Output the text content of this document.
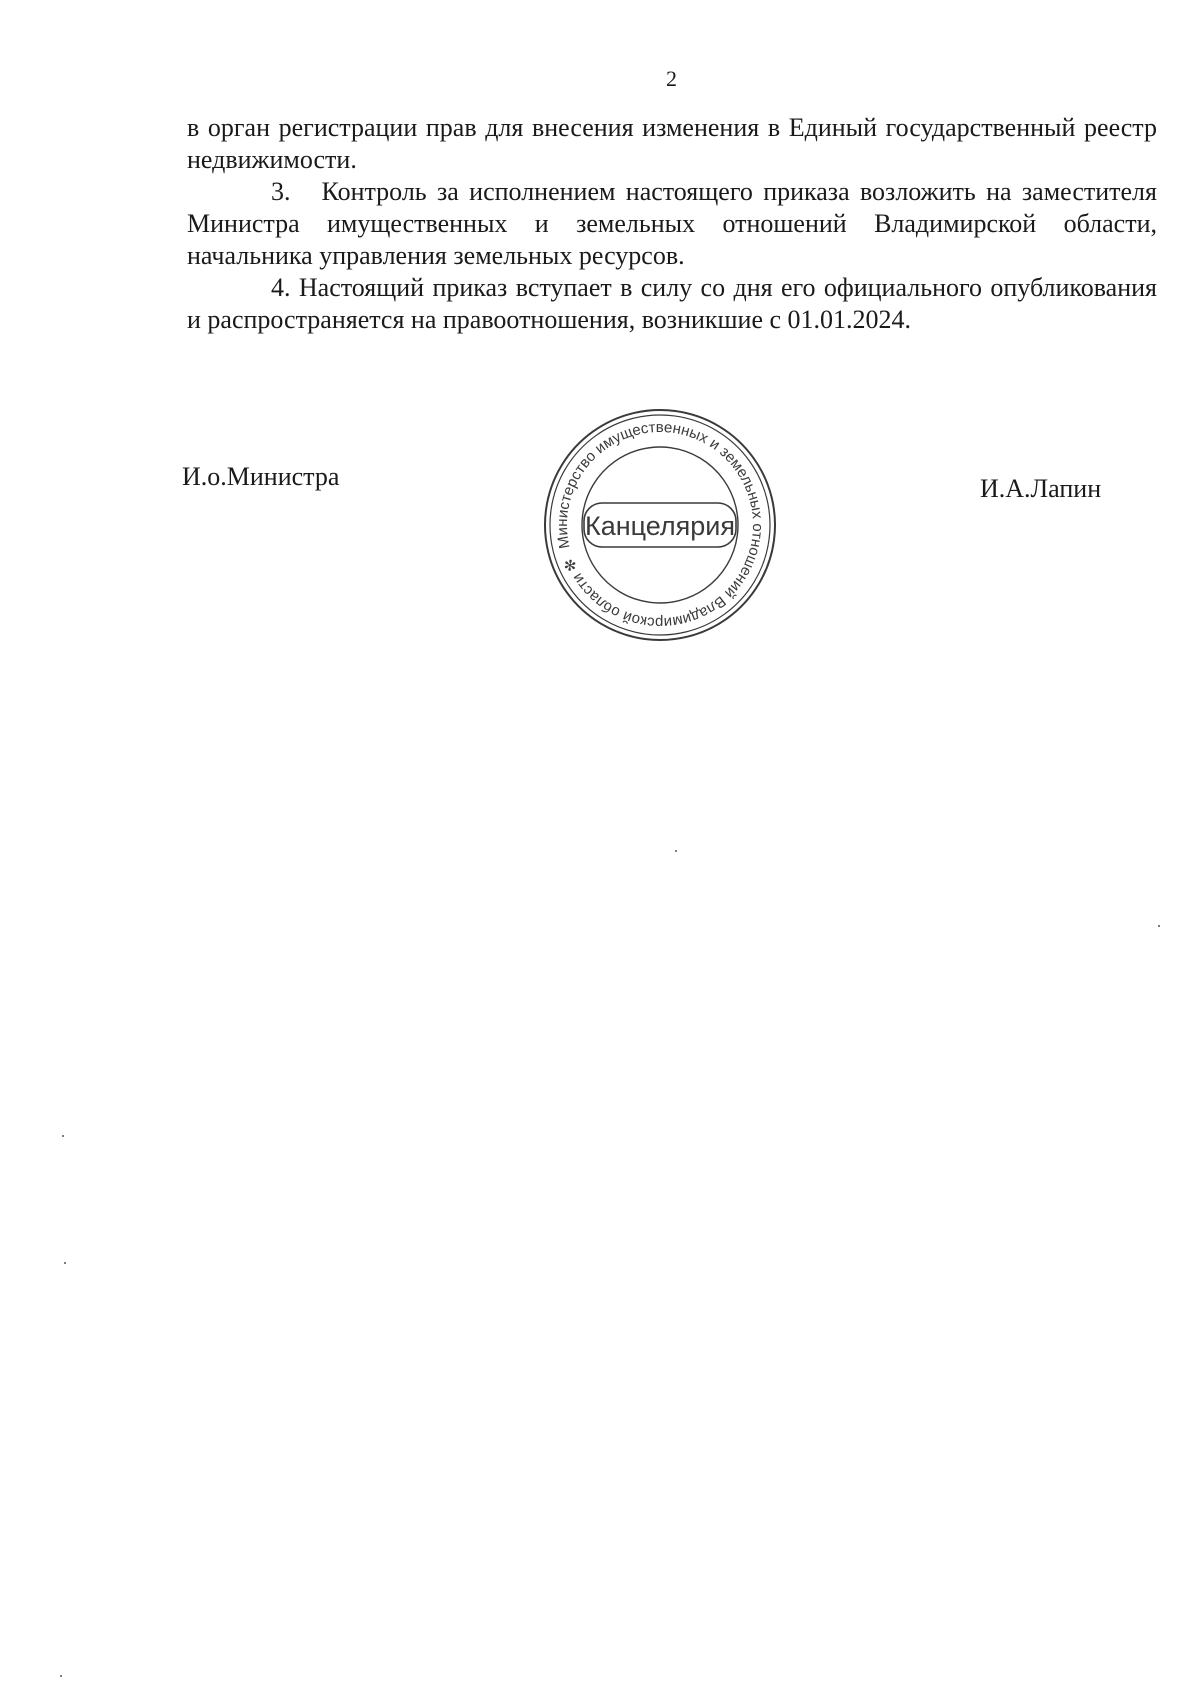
2

в орган регистрации прав для внесения изменения в Единый государственный реестр недвижимости.

3.   Контроль за исполнением настоящего приказа возложить на заместителя Министра имущественных и земельных отношений Владимирской области, начальника управления земельных ресурсов.

4. Настоящий приказ вступает в силу со дня его официального опубликования и распространяется на правоотношения, возникшие с 01.01.2024.

И.о.Министра
Министерство имущественных и земельных отношений Владимирской области ✻
Канцелярия
И.А.Лапин
